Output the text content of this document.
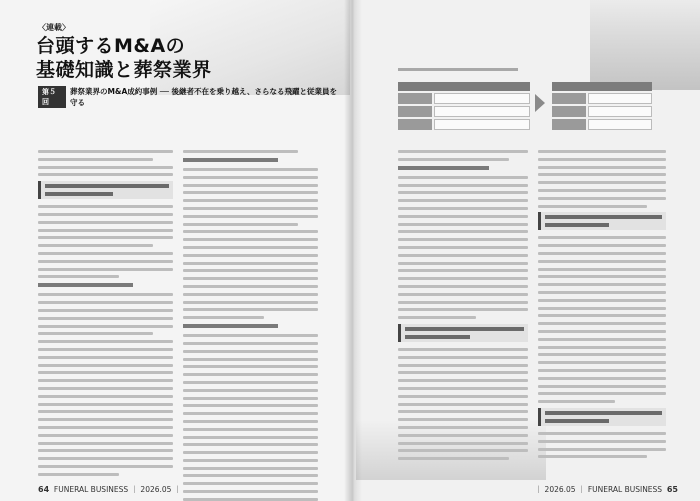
〈連載〉
台頭するM&Aの
基礎知識と葬祭業界
第５回
葬祭業界のM&A成約事例 ── 後継者不在を乗り越え、さらなる飛躍と従業員を守る
64 FUNERAL BUSINESS ｜ 2026.05 ｜	｜ 2026.05 ｜ FUNERAL BUSINESS 65
